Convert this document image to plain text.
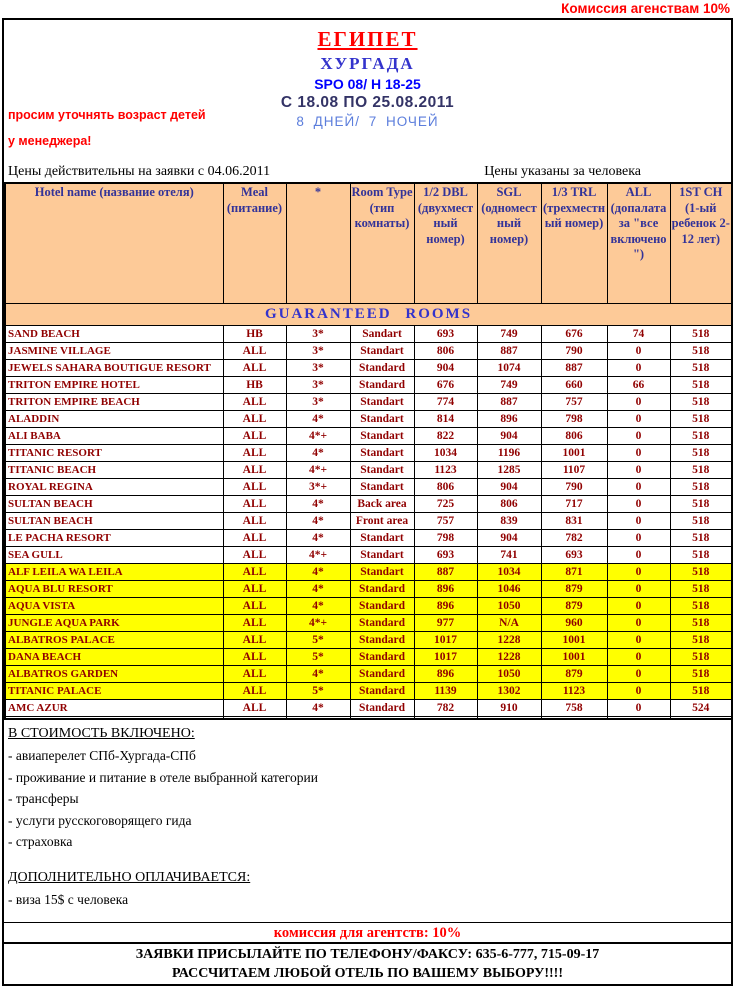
Комиссия агенствам 10%
просим уточнять возраст детей
у менеджера!
ЕГИПЕТ
ХУРГАДА
SPO 08/ Н 18-25
С 18.08 ПО 25.08.2011
8 ДНЕЙ/ 7 НОЧЕЙ
Цены действительны на заявки с 04.06.2011	Цены указаны за человека
Hotel name (название отеля)	Meal (питание)	*	Room Type (тип комнаты)	1/2 DBL (двухместный номер)	SGL (одноместный номер)	1/3 TRL (трехместный номер)	ALL (допалата за "все включено")	1ST CH (1-ый ребенок 2-12 лет)
GUARANTEED ROOMS								
SAND BEACH	HB	3*	Sandart	693	749	676	74	518
JASMINE VILLAGE	ALL	3*	Standart	806	887	790	0	518
JEWELS SAHARA BOUTIGUE RESORT	ALL	3*	Standard	904	1074	887	0	518
TRITON EMPIRE HOTEL	HB	3*	Standard	676	749	660	66	518
TRITON EMPIRE BEACH	ALL	3*	Standart	774	887	757	0	518
ALADDIN	ALL	4*	Standart	814	896	798	0	518
ALI BABA	ALL	4*+	Standart	822	904	806	0	518
TITANIC RESORT	ALL	4*	Standart	1034	1196	1001	0	518
TITANIC BEACH	ALL	4*+	Standart	1123	1285	1107	0	518
ROYAL REGINA	ALL	3*+	Standart	806	904	790	0	518
SULTAN BEACH	ALL	4*	Back area	725	806	717	0	518
SULTAN BEACH	ALL	4*	Front area	757	839	831	0	518
LE PACHA RESORT	ALL	4*	Standart	798	904	782	0	518
SEA GULL	ALL	4*+	Standart	693	741	693	0	518
ALF LEILA WA LEILA	ALL	4*	Standart	887	1034	871	0	518
AQUA BLU RESORT	ALL	4*	Standard	896	1046	879	0	518
AQUA VISTA	ALL	4*	Standard	896	1050	879	0	518
JUNGLE AQUA PARK	ALL	4*+	Standard	977	N/A	960	0	518
ALBATROS PALACE	ALL	5*	Standard	1017	1228	1001	0	518
DANA BEACH	ALL	5*	Standard	1017	1228	1001	0	518
ALBATROS GARDEN	ALL	4*	Standard	896	1050	879	0	518
TITANIC PALACE	ALL	5*	Standard	1139	1302	1123	0	518
AMC AZUR	ALL	4*	Standard	782	910	758	0	524

В СТОИМОСТЬ ВКЛЮЧЕНО:
- авиаперелет СПб-Хургада-СПб
- проживание и питание в отеле выбранной категории
- трансферы
- услуги русскоговорящего гида
- страховка
ДОПОЛНИТЕЛЬНО ОПЛАЧИВАЕТСЯ:
- виза 15$ с человека
комиссия для агентств: 10%
ЗАЯВКИ ПРИСЫЛАЙТЕ ПО ТЕЛЕФОНУ/ФАКСУ: 635-6-777, 715-09-17
РАССЧИТАЕМ ЛЮБОЙ ОТЕЛЬ ПО ВАШЕМУ ВЫБОРУ!!!!
